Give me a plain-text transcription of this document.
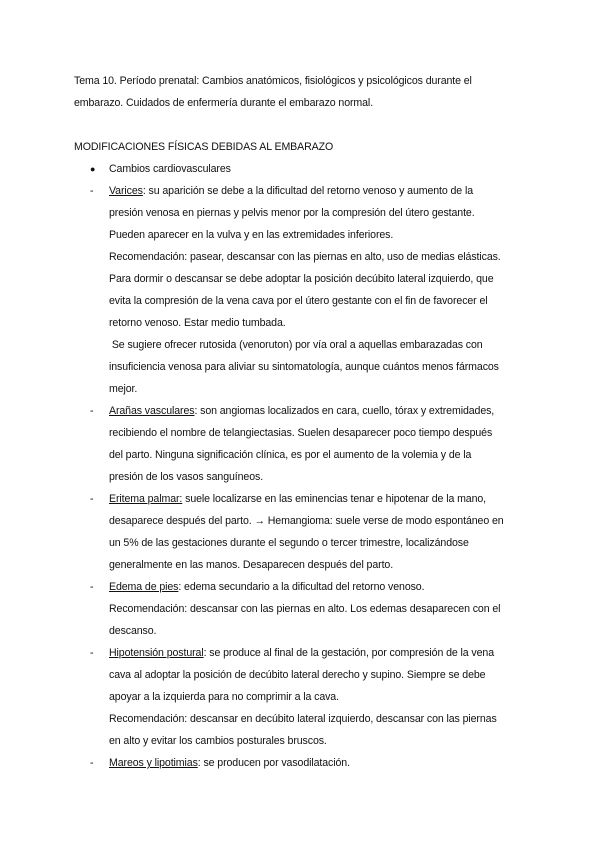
Tema 10. Período prenatal: Cambios anatómicos, fisiológicos y psicológicos durante el
embarazo. Cuidados de enfermería durante el embarazo normal.
MODIFICACIONES FÍSICAS DEBIDAS AL EMBARAZO
● Cambios cardiovasculares
- Varices: su aparición se debe a la dificultad del retorno venoso y aumento de la
presión venosa en piernas y pelvis menor por la compresión del útero gestante.
Pueden aparecer en la vulva y en las extremidades inferiores.
Recomendación: pasear, descansar con las piernas en alto, uso de medias elásticas.
Para dormir o descansar se debe adoptar la posición decúbito lateral izquierdo, que
evita la compresión de la vena cava por el útero gestante con el fin de favorecer el
retorno venoso. Estar medio tumbada.
Se sugiere ofrecer rutosida (venoruton) por vía oral a aquellas embarazadas con
insuficiencia venosa para aliviar su sintomatología, aunque cuántos menos fármacos
mejor.
- Arañas vasculares: son angiomas localizados en cara, cuello, tórax y extremidades,
recibiendo el nombre de telangiectasias. Suelen desaparecer poco tiempo después
del parto. Ninguna significación clínica, es por el aumento de la volemia y de la
presión de los vasos sanguíneos.
- Eritema palmar: suele localizarse en las eminencias tenar e hipotenar de la mano,
desaparece después del parto. → Hemangioma: suele verse de modo espontáneo en
un 5% de las gestaciones durante el segundo o tercer trimestre, localizándose
generalmente en las manos. Desaparecen después del parto.
- Edema de pies: edema secundario a la dificultad del retorno venoso.
Recomendación: descansar con las piernas en alto. Los edemas desaparecen con el
descanso.
- Hipotensión postural: se produce al final de la gestación, por compresión de la vena
cava al adoptar la posición de decúbito lateral derecho y supino. Siempre se debe
apoyar a la izquierda para no comprimir a la cava.
Recomendación: descansar en decúbito lateral izquierdo, descansar con las piernas
en alto y evitar los cambios posturales bruscos.
- Mareos y lipotimias: se producen por vasodilatación.
